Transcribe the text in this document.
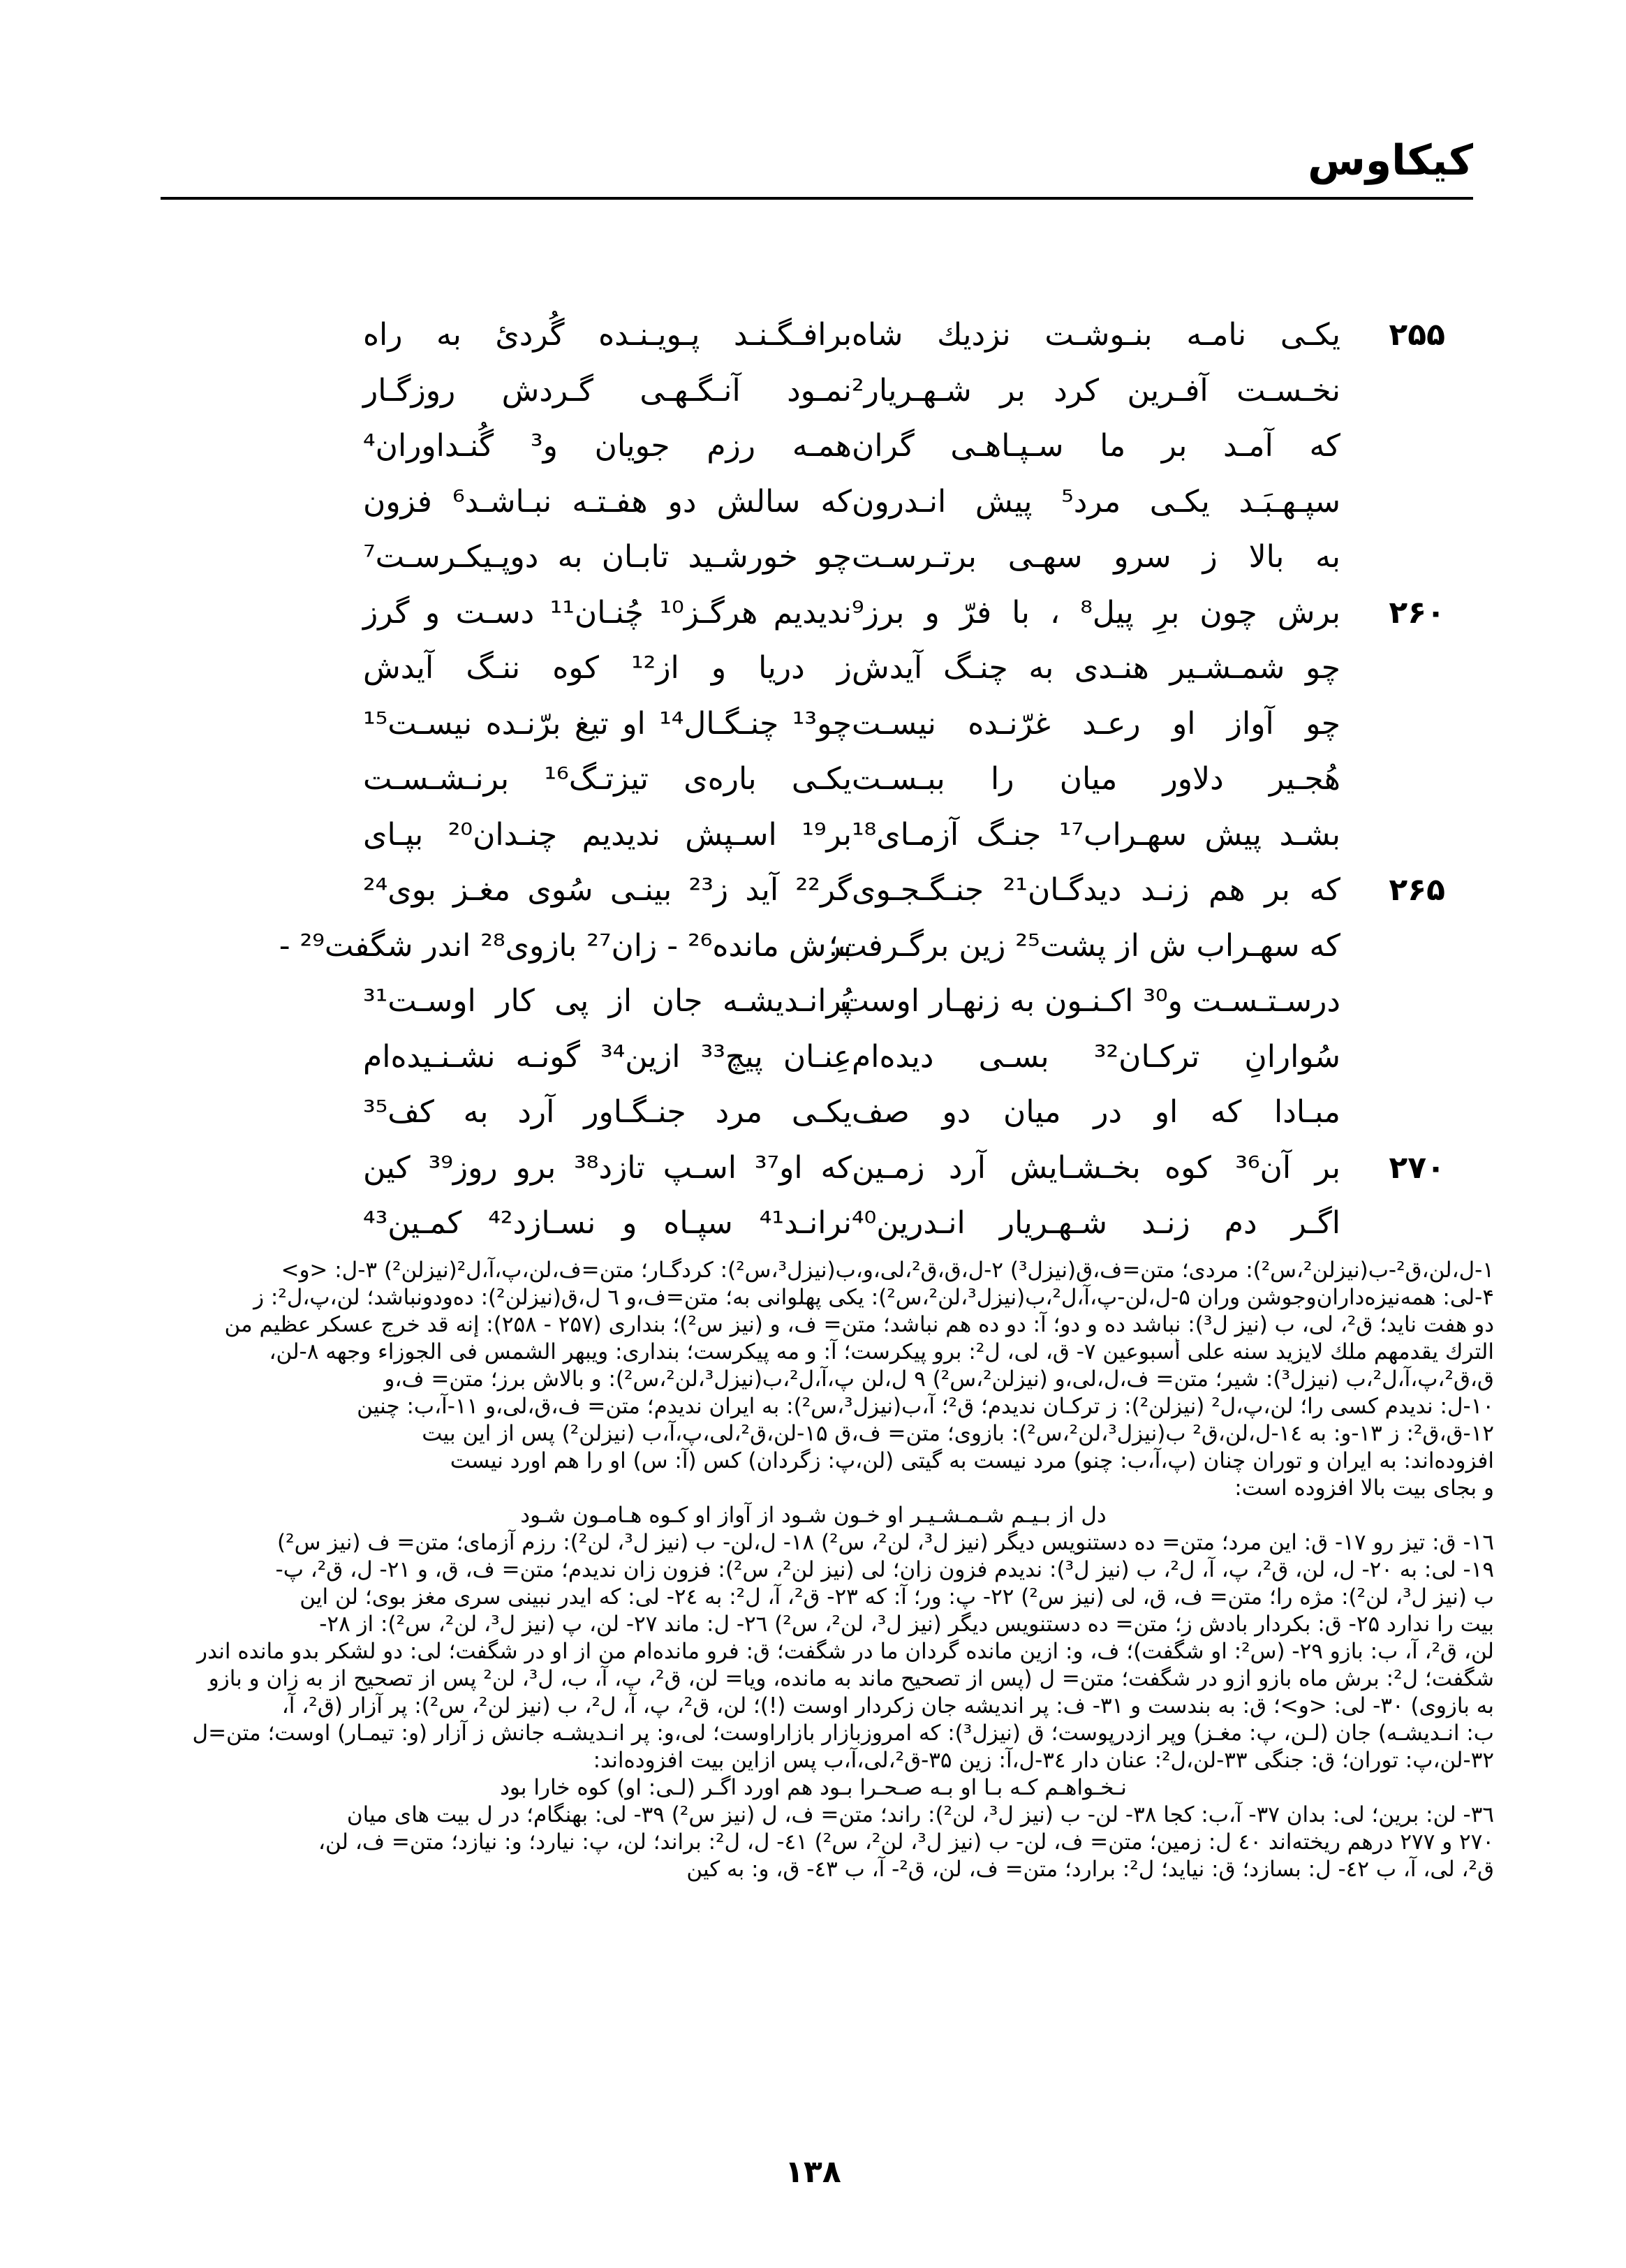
کیکاوس
۲۵۵
یکـی نامـه بنـوشـت نزدیك شاه
برافـگـنـد پـویـنـده گُردیٔ به راه
نخـسـت آفـرین کرد بر شـهـریار²
نمـود آنـگـهـی گـردش روزگـار
که آمـد بر ما سـپـاهـی گران
همـه رزم جویان و³ گُنـداوران⁴
سپـهـبَـد یکـی مرد⁵ پیش انـدرون
که سالش دو هفـتـه نبـاشـد⁶ فزون
به بالا ز سرو سهـی برتـرسـت
چو خورشـید تابـان به دوپـیکـرسـت⁷
۲۶۰
برش چون برِ پیل⁸ ، با فرّ و برز⁹
ندیدیم هرگـز¹⁰ چُنـان¹¹ دسـت و گرز
چو شمـشـیر هنـدی به چنـگ آیدش
ز دریا و از¹² کوه ننـگ آیدش
چو آواز او رعـد غرّنـده نیسـت
چو¹³ چنـگـال¹⁴ او تیغ برّنـده نیسـت¹⁵
هُجـیر دلاور میان را ببـسـت
یکـی باره‌ی تیزتـگ¹⁶ برنـشـسـت
بشـد پیش سهـراب¹⁷ جنـگ آزمـای¹⁸
بر¹⁹ اسـپش ندیدیم چنـدان²⁰ بپـای
۲۶۵
که بر هم زنـد دیدگـان²¹ جنـگـجـوی
گر²² آید ز²³ بینـی سُوی مغـز بوی²⁴
که سهـراب ش از پشت²⁵ زین برگـرفت؛
برش مانده²⁶ - زان²⁷ بازوی²⁸ اندر شگفت²⁹ -
درسـتـسـت و³⁰ اکـنـون به زنهـار اوست
پُرانـدیشـه جان از پی کار اوسـت³¹
سُوارانِ ترکـان³² بسـی دیده‌ام
عِنـان پیچ³³ ازین³⁴ گونـه نشـنـیده‌ام
مبـادا که او در میان دو صف
یکـی مرد جنـگـاور آرد به کف³⁵
۲۷۰
بر آن³⁶ کوه بخـشـایش آرد زمـین
که او³⁷ اسـپ تازد³⁸ برو روز³⁹ کین
اگـر دم زنـد شـهـریار انـدرین⁴⁰
نرانـد⁴¹ سپـاه و نسـازد⁴² کمـین⁴³
۱-ل،لن،ق²-ب(نیزلن²،س²): مردی؛ متن=ف،ق(نیزل³) ۲-ل،ق،ق²،لی،و،ب(نیزل³،س²): کردگـار؛ متن=ف،لن،پ،آ،ل²(نیزلن²) ۳-ل: <و>
۴-لی: همه‌نیزه‌داران‌وجوشن وران ۵-ل،لن-پ،آ،ل²،ب(نیزل³،لن²،س²): یکی پهلوانی به؛ متن=ف،و ٦ ل،ق(نیزلن²): ده‌ودونباشد؛ لن،پ،ل²: ز
دو هفت ناید؛ ق²، لی، ب (نیز ل³): نباشد ده و دو؛ آ: دو ده هم نباشد؛ متن= ف، و (نیز س²)؛ بنداری (۲۵۷ - ۲۵۸): إنه قد خرج عسكر عظیم من
الترك یقدمهم ملك لایزید سنه علی أسبوعین ۷- ق، لی، ل²: برو پیکرست؛ آ: و مه پیکرست؛ بنداری: ویبهر الشمس فی الجوزاء وجهه ۸-لن،
ق،ق²،پ،آ،ل²،ب (نیزل³): شیر؛ متن= ف،ل،لی،و (نیزلن²،س²) ۹ ل،لن پ،آ،ل²،ب(نیزل³،لن²،س²): و بالاش برز؛ متن= ف،و
۱۰-ل: ندیدم کسی را؛ لن،پ،ل² (نیزلن²): ز ترکـان ندیدم؛ ق²؛ آ،ب(نیزل³،س²): به ایران ندیدم؛ متن= ف،ق،لی،و ۱۱-آ،ب: چنین
۱۲-ق،ق²: ز ۱۳-و: به ١٤-ل،لن،ق² ب(نیزل³،لن²،س²): بازوی؛ متن= ف،ق ۱۵-لن،ق²،لی،پ،آ،ب (نیزلن²) پس از این بیت
افزوده‌اند: به ایران و توران چنان (پ،آ،ب: چنو) مرد نیست به گیتی (لن،پ: زگردان) کس (آ: س) او را هم اورد نیست
و بجای بیت بالا افزوده است:
دل از بـیـم شـمـشـیـر او خـون شـود از آواز او کـوه هـامـون شـود
۱٦- ق: تیز رو ۱۷- ق: این مرد؛ متن= ده دستنویس دیگر (نیز ل³، لن²، س²) ۱۸- ل،لن- ب (نیز ل³، لن²): رزم آزمای؛ متن= ف (نیز س²)
۱۹- لی: به ۲۰- ل، لن، ق²، پ، آ، ل²، ب (نیز ل³): ندیدم فزون زان؛ لی (نیز لن²، س²): فزون زان ندیدم؛ متن= ف، ق، و ۲۱- ل، ق²، پ-
ب (نیز ل³، لن²): مژه را؛ متن= ف، ق، لی (نیز س²) ۲۲- پ: ور؛ آ: که ۲۳- ق²، آ، ل²: به ۲٤- لی: که ایدر نبینی سری مغز بوی؛ لن این
بیت را ندارد ۲۵- ق: بکردار بادش ز؛ متن= ده دستنویس دیگر (نیز ل³، لن²، س²) ۲٦- ل: ماند ۲۷- لن، پ (نیز ل³، لن²، س²): از ۲۸-
لن، ق²، آ، ب: بازو ۲۹- (س²: او شگفت)؛ ف، و: ازین مانده گردان ما در شگفت؛ ق: فرو مانده‌ام من از او در شگفت؛ لی: دو لشکر بدو مانده اندر
شگفت؛ ل²: برش ماه بازو ازو در شگفت؛ متن= ل (پس از تصحیح ماند به مانده، ویا= لن، ق²، پ، آ، ب، ل³، لن² پس از تصحیح از به زان و بازو
به بازوی) ۳۰- لی: <و>؛ ق: به بندست و ۳۱- ف: پر اندیشه جان زکردار اوست (!)؛ لن، ق²، پ، آ، ل²، ب (نیز لن²، س²): پر آزار (ق²، آ،
ب: انـدیشـه) جان (لـن، پ: مغـز) وپر ازدرپوست؛ ق (نیزل³): که امروزبازار بازاراوست؛ لی،و: پر انـدیشـه جانش ز آزار (و: تیمـار) اوست؛ متن=ل
۳۲-لن،پ: توران؛ ق: جنگی ۳۳-لن،ل²: عنان دار ۳٤-ل،آ: زین ۳۵-ق²،لی،آ،ب پس ازاین بیت افزوده‌اند:
نـخـواهـم کـه بـا او بـه صـحـرا بـود هم اورد اگـر (لـی: او) کوه خارا بود
۳٦- لن: برین؛ لی: بدان ۳۷- آ،ب: کجا ۳۸- لن- ب (نیز ل³، لن²): راند؛ متن= ف، ل (نیز س²) ۳۹- لی: بهنگام؛ در ل بیت های میان
۲۷۰ و ۲۷۷ درهم ریخته‌اند ٤۰ ل: زمین؛ متن= ف، لن- ب (نیز ل³، لن²، س²) ٤۱- ل، ل²: براند؛ لن، پ: نیارد؛ و: نیازد؛ متن= ف، لن،
ق²، لی، آ، ب ٤۲- ل: بسازد؛ ق: نیاید؛ ل²: برارد؛ متن= ف، لن، ق²- آ، ب ٤۳- ق، و: به کین
۱۳۸
